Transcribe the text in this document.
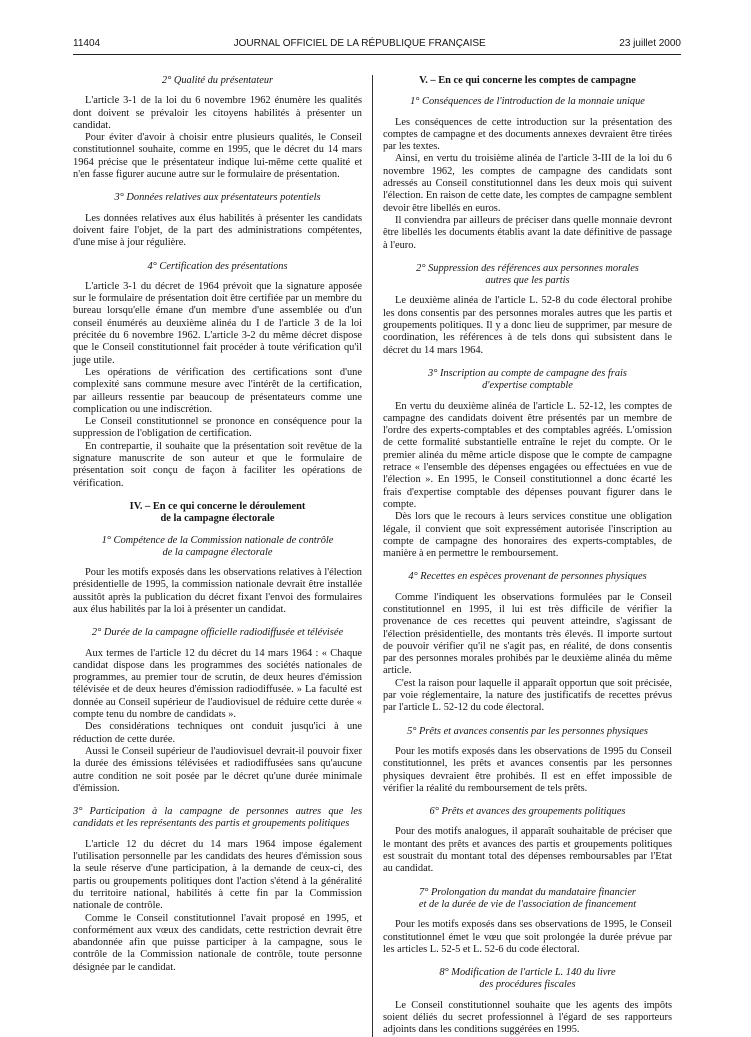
11404	JOURNAL OFFICIEL DE LA RÉPUBLIQUE FRANÇAISE	23 juillet 2000
2° Qualité du présentateur

L'article 3-1 de la loi du 6 novembre 1962 énumère les qualités dont doivent se prévaloir les citoyens habilités à présenter un candidat.

Pour éviter d'avoir à choisir entre plusieurs qualités, le Conseil constitutionnel souhaite, comme en 1995, que le décret du 14 mars 1964 précise que le présentateur indique lui-même cette qualité et n'en fasse figurer aucune autre sur le formulaire de présentation.

3° Données relatives aux présentateurs potentiels

Les données relatives aux élus habilités à présenter les candidats doivent faire l'objet, de la part des administrations compétentes, d'une mise à jour régulière.

4° Certification des présentations

L'article 3-1 du décret de 1964 prévoit que la signature apposée sur le formulaire de présentation doit être certifiée par un membre du bureau lorsqu'elle émane d'un membre d'une assemblée ou d'un conseil énumérés au deuxième alinéa du I de l'article 3 de la loi précitée du 6 novembre 1962. L'article 3-2 du même décret dispose que le Conseil constitutionnel fait procéder à toute vérification qu'il juge utile.

Les opérations de vérification des certifications sont d'une complexité sans commune mesure avec l'intérêt de la certification, par ailleurs ressentie par beaucoup de présentateurs comme une complication ou une indiscrétion.

Le Conseil constitutionnel se prononce en conséquence pour la suppression de l'obligation de certification.

En contrepartie, il souhaite que la présentation soit revêtue de la signature manuscrite de son auteur et que le formulaire de présentation soit conçu de façon à faciliter les opérations de vérification.

IV. – En ce qui concerne le déroulement
de la campagne électorale
1° Compétence de la Commission nationale de contrôle
de la campagne électorale

Pour les motifs exposés dans les observations relatives à l'élection présidentielle de 1995, la commission nationale devrait être installée aussitôt après la publication du décret fixant l'envoi des formulaires aux élus habilités par la loi à présenter un candidat.

2° Durée de la campagne officielle radiodiffusée et télévisée

Aux termes de l'article 12 du décret du 14 mars 1964 : « Chaque candidat dispose dans les programmes des sociétés nationales de programmes, au premier tour de scrutin, de deux heures d'émission télévisée et de deux heures d'émission radiodiffusée. » La faculté est donnée au Conseil supérieur de l'audiovisuel de réduire cette durée « compte tenu du nombre de candidats ».

Des considérations techniques ont conduit jusqu'ici à une réduction de cette durée.

Aussi le Conseil supérieur de l'audiovisuel devrait-il pouvoir fixer la durée des émissions télévisées et radiodiffusées sans qu'aucune autre condition ne soit posée par le décret qu'une durée minimale d'émission.

3° Participation à la campagne de personnes autres que les candidats et les représentants des partis et groupements politiques

L'article 12 du décret du 14 mars 1964 impose également l'utilisation personnelle par les candidats des heures d'émission sous la seule réserve d'une participation, à la demande de ceux-ci, des partis ou groupements politiques dont l'action s'étend à la généralité du territoire national, habilités à cette fin par la Commission nationale de contrôle.

Comme le Conseil constitutionnel l'avait proposé en 1995, et conformément aux vœux des candidats, cette restriction devrait être abandonnée afin que puisse participer à la campagne, sous le contrôle de la Commission nationale de contrôle, toute personne désignée par le candidat.

V. – En ce qui concerne les comptes de campagne
1° Conséquences de l'introduction de la monnaie unique

Les conséquences de cette introduction sur la présentation des comptes de campagne et des documents annexes devraient être tirées par les textes.

Ainsi, en vertu du troisième alinéa de l'article 3-III de la loi du 6 novembre 1962, les comptes de campagne des candidats sont adressés au Conseil constitutionnel dans les deux mois qui suivent l'élection. En raison de cette date, les comptes de campagne semblent devoir être libellés en euros.

Il conviendra par ailleurs de préciser dans quelle monnaie devront être libellés les documents établis avant la date définitive de passage à l'euro.

2° Suppression des références aux personnes morales
autres que les partis

Le deuxième alinéa de l'article L. 52-8 du code électoral prohibe les dons consentis par des personnes morales autres que les partis et groupements politiques. Il y a donc lieu de supprimer, par mesure de coordination, les références à de tels dons qui subsistent dans le décret du 14 mars 1964.

3° Inscription au compte de campagne des frais
d'expertise comptable

En vertu du deuxième alinéa de l'article L. 52-12, les comptes de campagne des candidats doivent être présentés par un membre de l'ordre des experts-comptables et des comptables agréés. L'omission de cette formalité substantielle entraîne le rejet du compte. Or le premier alinéa du même article dispose que le compte de campagne retrace « l'ensemble des dépenses engagées ou effectuées en vue de l'élection ». En 1995, le Conseil constitutionnel a donc écarté les frais d'expertise comptable des dépenses pouvant figurer dans le compte.

Dès lors que le recours à leurs services constitue une obligation légale, il convient que soit expressément autorisée l'inscription au compte de campagne des honoraires des experts-comptables, de manière à en permettre le remboursement.

4° Recettes en espèces provenant de personnes physiques

Comme l'indiquent les observations formulées par le Conseil constitutionnel en 1995, il lui est très difficile de vérifier la provenance de ces recettes qui peuvent atteindre, s'agissant de l'élection présidentielle, des montants très élevés. Il importe surtout de pouvoir vérifier qu'il ne s'agit pas, en réalité, de dons consentis par des personnes morales prohibés par le deuxième alinéa du même article.

C'est la raison pour laquelle il apparaît opportun que soit précisée, par voie réglementaire, la nature des justificatifs de recettes prévus par l'article L. 52-12 du code électoral.

5° Prêts et avances consentis par les personnes physiques

Pour les motifs exposés dans les observations de 1995 du Conseil constitutionnel, les prêts et avances consentis par les personnes physiques devraient être prohibés. Il est en effet impossible de vérifier la réalité du remboursement de tels prêts.

6° Prêts et avances des groupements politiques

Pour des motifs analogues, il apparaît souhaitable de préciser que le montant des prêts et avances des partis et groupements politiques est soustrait du montant total des dépenses remboursables par l'Etat au candidat.

7° Prolongation du mandat du mandataire financier
et de la durée de vie de l'association de financement

Pour les motifs exposés dans ses observations de 1995, le Conseil constitutionnel émet le vœu que soit prolongée la durée prévue par les articles L. 52-5 et L. 52-6 du code électoral.

8° Modification de l'article L. 140 du livre
des procédures fiscales

Le Conseil constitutionnel souhaite que les agents des impôts soient déliés du secret professionnel à l'égard de ses rapporteurs adjoints dans les conditions suggérées en 1995.
